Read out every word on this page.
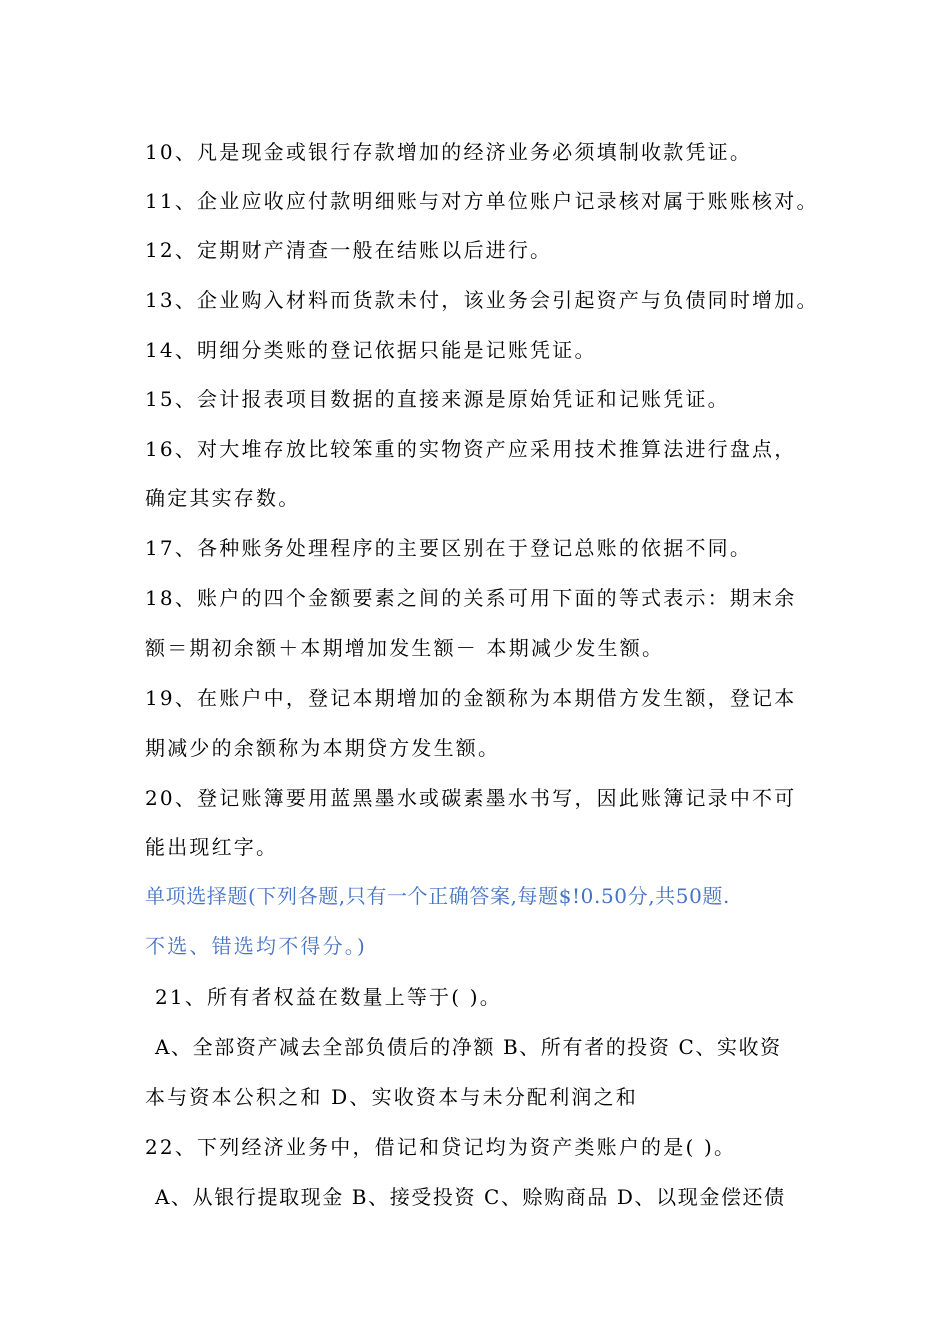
10、凡是现金或银行存款增加的经济业务必须填制收款凭证。
11、企业应收应付款明细账与对方单位账户记录核对属于账账核对。
12、定期财产清查一般在结账以后进行。
13、企业购入材料而货款未付，该业务会引起资产与负债同时增加。
14、明细分类账的登记依据只能是记账凭证。
15、会计报表项目数据的直接来源是原始凭证和记账凭证。
16、对大堆存放比较笨重的实物资产应采用技术推算法进行盘点，
确定其实存数。
17、各种账务处理程序的主要区别在于登记总账的依据不同。
18、账户的四个金额要素之间的关系可用下面的等式表示：期末余
额＝期初余额＋本期增加发生额－ 本期减少发生额。
19、在账户中，登记本期增加的金额称为本期借方发生额，登记本
期减少的余额称为本期贷方发生额。
20、登记账簿要用蓝黑墨水或碳素墨水书写，因此账簿记录中不可
能出现红字。
单项选择题(下列各题,只有一个正确答案,每题$!0.50分,共50题.
不选、错选均不得分。)
21、所有者权益在数量上等于( )。
A、全部资产减去全部负债后的净额 B、所有者的投资 C、实收资
本与资本公积之和 D、实收资本与未分配利润之和
22、下列经济业务中，借记和贷记均为资产类账户的是( )。
A、从银行提取现金 B、接受投资 C、赊购商品 D、以现金偿还债
